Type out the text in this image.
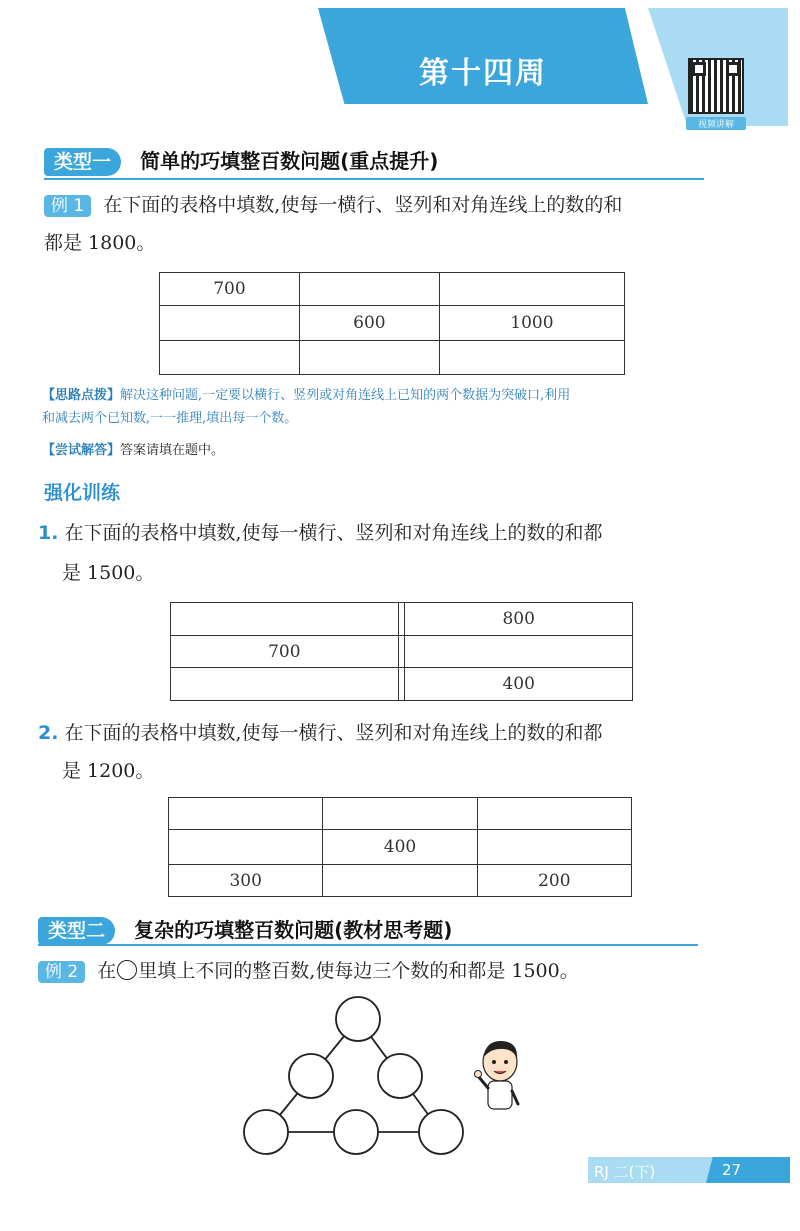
第十四周
视频讲解
类型一 简单的巧填整百数问题(重点提升)
例 1 在下面的表格中填数,使每一横行、竖列和对角连线上的数的和
都是 1800。
700		
	600	1000

【思路点拨】解决这种问题,一定要以横行、竖列或对角连线上已知的两个数据为突破口,利用
和减去两个已知数,一一推理,填出每一个数。
【尝试解答】答案请填在题中。
强化训练
1. 在下面的表格中填数,使每一横行、竖列和对角连线上的数的和都
是 1500。
		800
700		
		400
2. 在下面的表格中填数,使每一横行、竖列和对角连线上的数的和都
是 1200。

	400	
300		200
类型二 复杂的巧填整百数问题(教材思考题)
例 2 在 里填上不同的整百数,使每边三个数的和都是 1500。
RJ 二(下)	27
